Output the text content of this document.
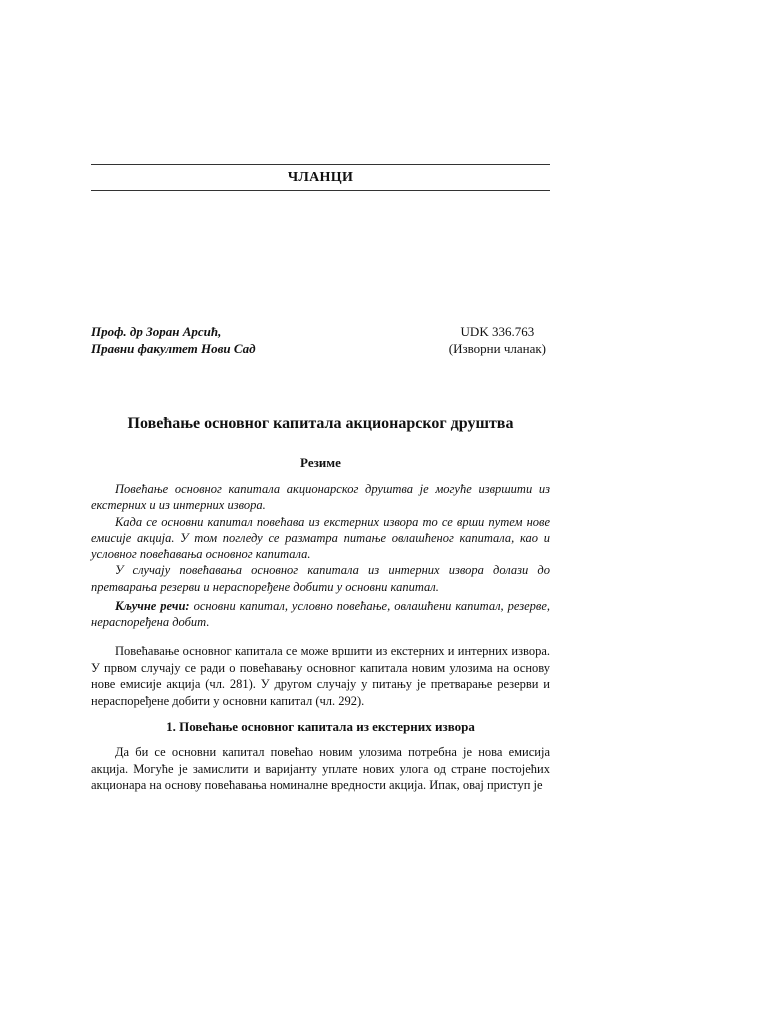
ЧЛАНЦИ
Проф. др Зоран Арсић,
Правни факултет Нови Сад
UDK 336.763
(Изворни чланак)
Повећање основног капитала акционарског друштва
Резиме

Повећање основног капитала акционарског друштва је могуће извршити из екстерних и из интерних извора.

Када се основни капитал повећава из екстерних извора то се врши путем нове емисије акција. У том погледу се разматра питање овлашћеног капитала, као и условног повећавања основног капитала.

У случају повећавања основног капитала из интерних извора долази до претварања резерви и нераспоређене добити у основни капитал.

Кључне речи: основни капитал, условно повећање, овлашћени капитал, резерве, нераспоређена добит.

Повећавање основног капитала се може вршити из екстерних и интерних извора. У првом случају се ради о повећавању основног капитала новим улозима на основу нове емисије акција (чл. 281). У другом случају у питању је претварање резерви и нераспоређене добити у основни капитал (чл. 292).

1. Повећање основног капитала из екстерних извора

Да би се основни капитал повећао новим улозима потребна је нова емисија акција. Могуће је замислити и варијанту уплате нових улога од стране постојећих акционара на основу повећавања номиналне вредности акција. Ипак, овај приступ је
